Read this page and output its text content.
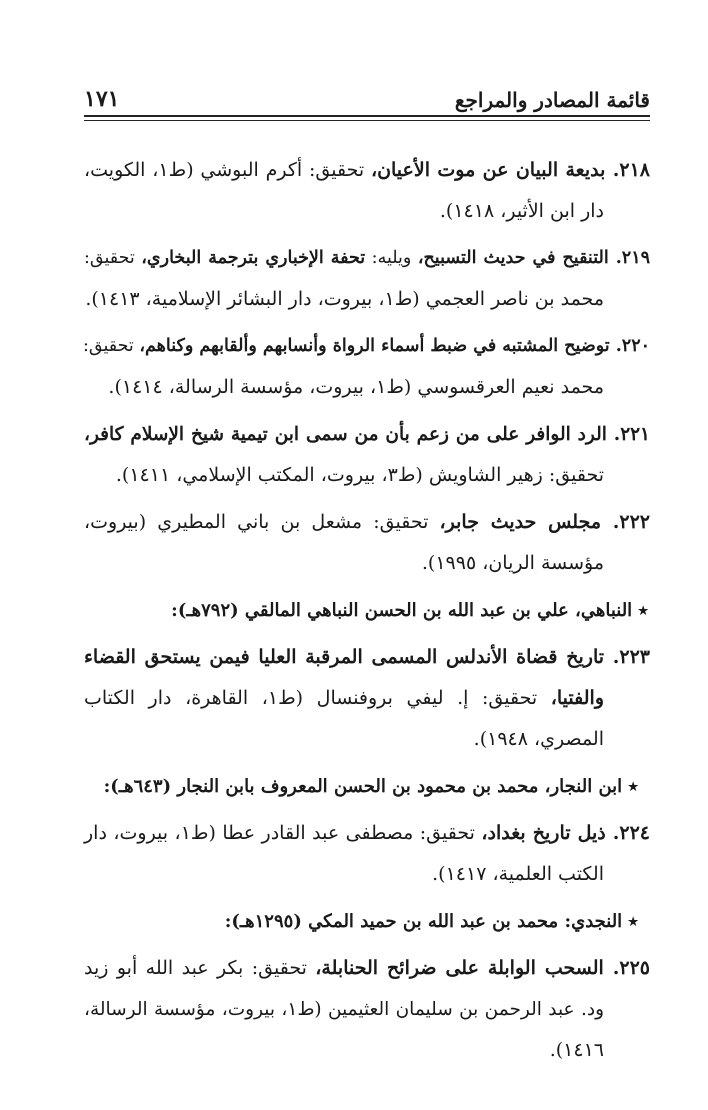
قائمة المصادر والمراجع
١٧١
٢١٨. بديعة البيان عن موت الأعيان، تحقيق: أكرم البوشي (ط١، الكويت،
دار ابن الأثير، ١٤١٨).
٢١٩. التنقيح في حديث التسبيح، ويليه: تحفة الإخباري بترجمة البخاري، تحقيق:
محمد بن ناصر العجمي (ط١، بيروت، دار البشائر الإسلامية، ١٤١٣).
٢٢٠. توضيح المشتبه في ضبط أسماء الرواة وأنسابهم وألقابهم وكناهم، تحقيق:
محمد نعيم العرقسوسي (ط١، بيروت، مؤسسة الرسالة، ١٤١٤).
٢٢١. الرد الوافر على من زعم بأن من سمى ابن تيمية شيخ الإسلام كافر،
تحقيق: زهير الشاويش (ط٣، بيروت، المكتب الإسلامي، ١٤١١).
٢٢٢. مجلس حديث جابر، تحقيق: مشعل بن باني المطيري (بيروت،
مؤسسة الريان، ١٩٩٥).
٭النباهي، علي بن عبد الله بن الحسن النباهي المالقي (٧٩٢هـ):
٢٢٣. تاريخ قضاة الأندلس المسمى المرقبة العليا فيمن يستحق القضاء
والفتيا، تحقيق: إ. ليفي بروفنسال (ط١، القاهرة، دار الكتاب
المصري، ١٩٤٨).
٭ابن النجار، محمد بن محمود بن الحسن المعروف بابن النجار (٦٤٣هـ):
٢٢٤. ذيل تاريخ بغداد، تحقيق: مصطفى عبد القادر عطا (ط١، بيروت، دار
الكتب العلمية، ١٤١٧).
٭النجدي: محمد بن عبد الله بن حميد المكي (١٢٩٥هـ):
٢٢٥. السحب الوابلة على ضرائح الحنابلة، تحقيق: بكر عبد الله أبو زيد
ود. عبد الرحمن بن سليمان العثيمين (ط١، بيروت، مؤسسة الرسالة،
١٤١٦).
